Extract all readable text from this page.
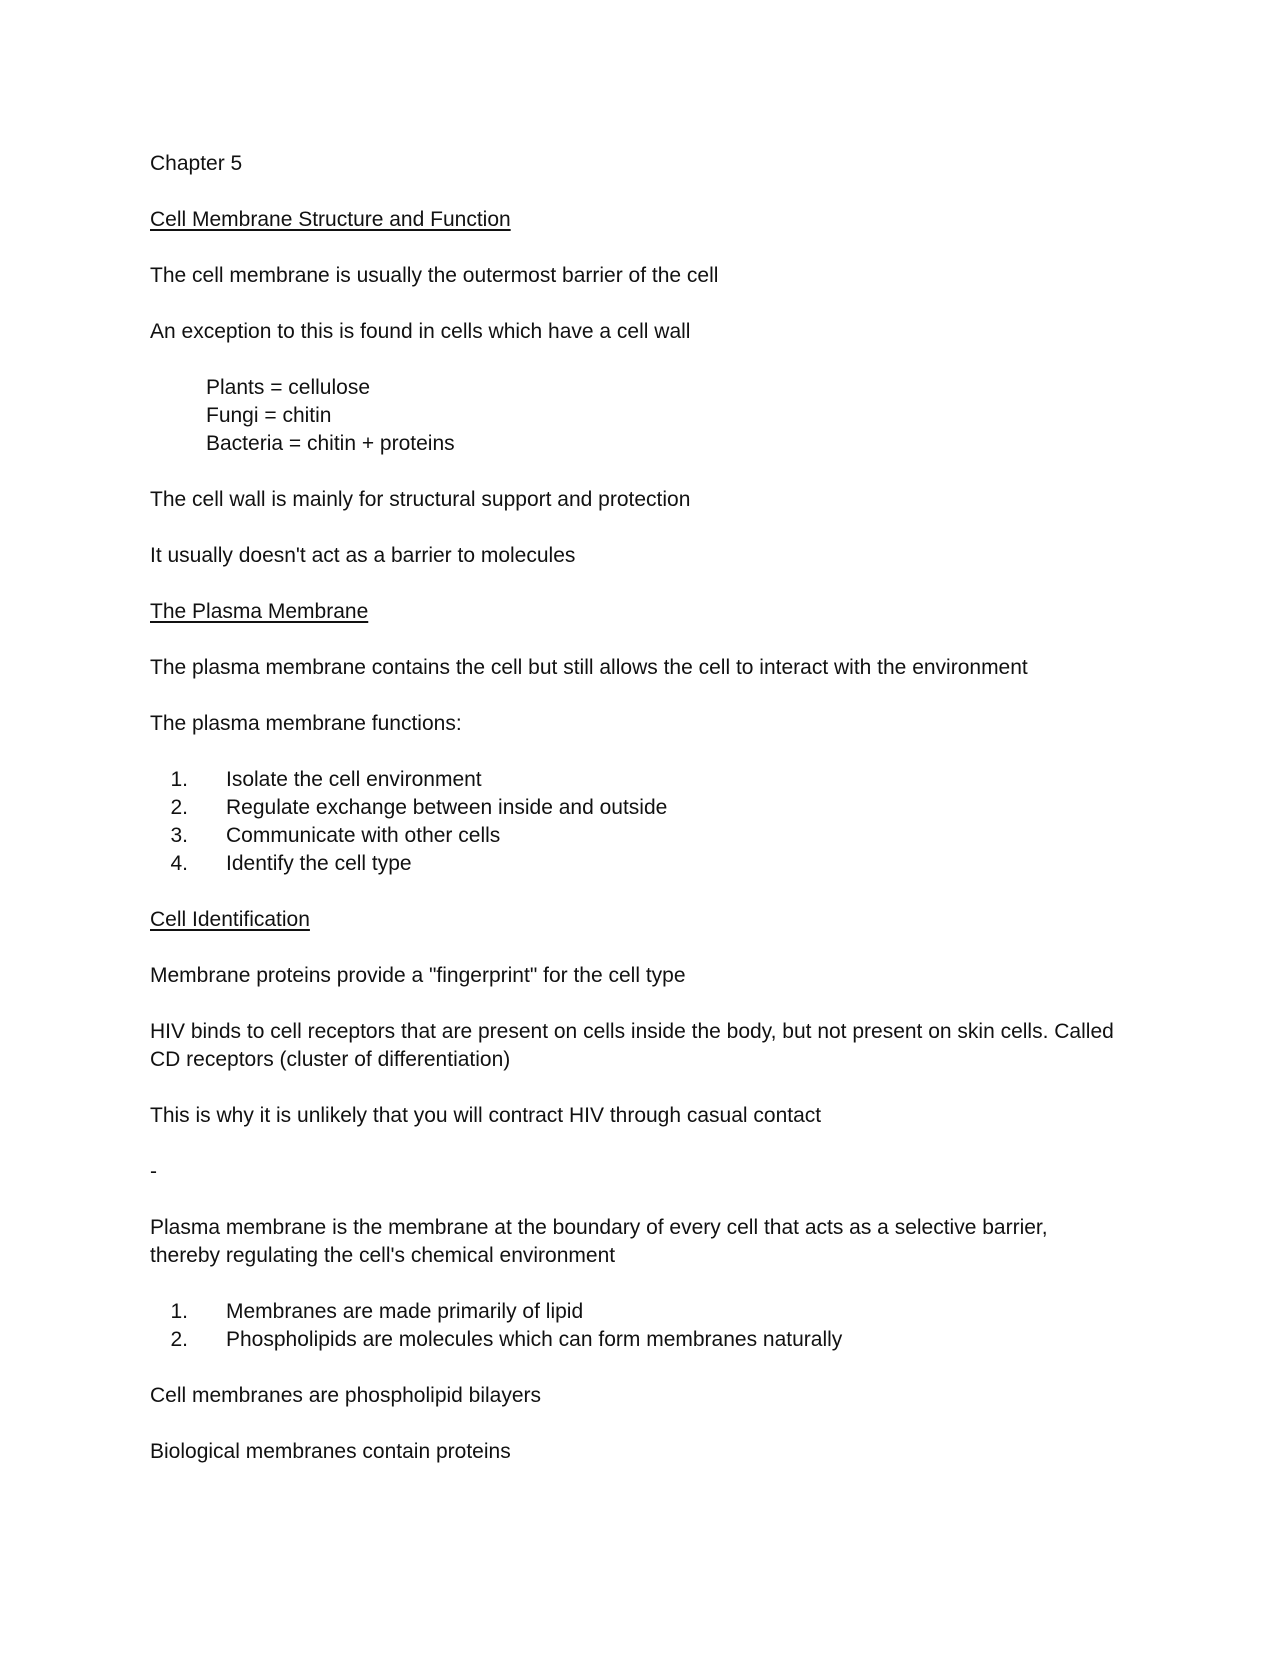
Chapter 5
Cell Membrane Structure and Function
The cell membrane is usually the outermost barrier of the cell
An exception to this is found in cells which have a cell wall
Plants = cellulose
Fungi = chitin
Bacteria = chitin + proteins
The cell wall is mainly for structural support and protection
It usually doesn't act as a barrier to molecules
The Plasma Membrane
The plasma membrane contains the cell but still allows the cell to interact with the environment
The plasma membrane functions:
1.	Isolate the cell environment
2.	Regulate exchange between inside and outside
3.	Communicate with other cells
4.	Identify the cell type
Cell Identification
Membrane proteins provide a "fingerprint" for the cell type
HIV binds to cell receptors that are present on cells inside the body, but not present on skin cells. Called
CD receptors (cluster of differentiation)
This is why it is unlikely that you will contract HIV through casual contact
-
Plasma membrane is the membrane at the boundary of every cell that acts as a selective barrier,
thereby regulating the cell's chemical environment
1.	Membranes are made primarily of lipid
2.	Phospholipids are molecules which can form membranes naturally
Cell membranes are phospholipid bilayers
Biological membranes contain proteins
